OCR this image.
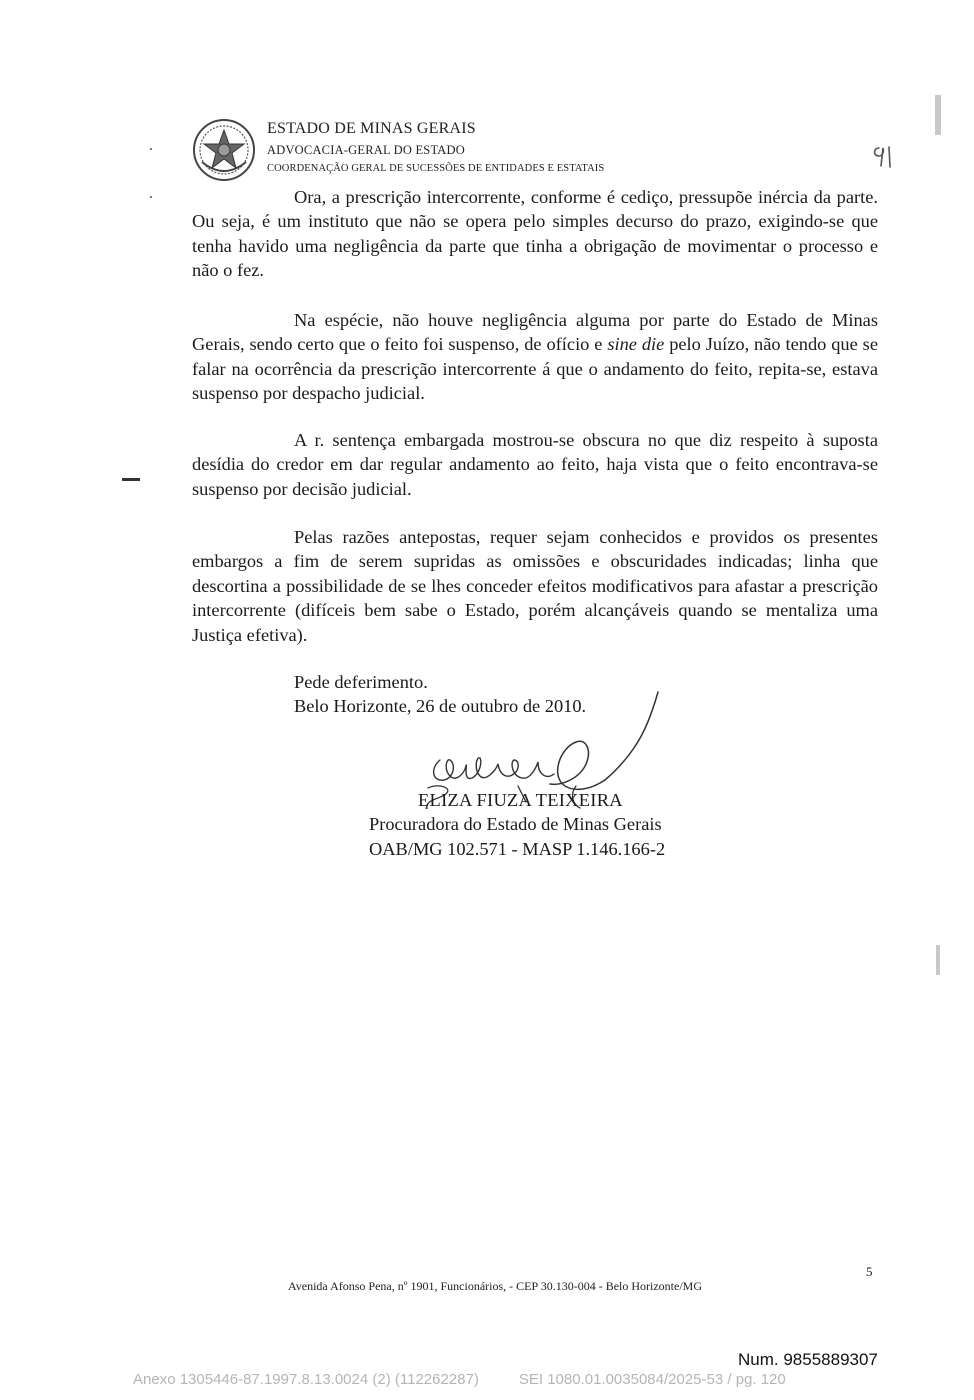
ESTADO DE MINAS GERAIS
ADVOCACIA-GERAL DO ESTADO
COORDENAÇÃO GERAL DE SUCESSÕES DE ENTIDADES E ESTATAIS

Ora, a prescrição intercorrente, conforme é cediço, pressupõe inércia da parte. Ou seja, é um instituto que não se opera pelo simples decurso do prazo, exigindo-se que tenha havido uma negligência da parte que tinha a obrigação de movimentar o processo e não o fez.

Na espécie, não houve negligência alguma por parte do Estado de Minas Gerais, sendo certo que o feito foi suspenso, de ofício e sine die pelo Juízo, não tendo que se falar na ocorrência da prescrição intercorrente á que o andamento do feito, repita-se, estava suspenso por despacho judicial.

A r. sentença embargada mostrou-se obscura no que diz respeito à suposta desídia do credor em dar regular andamento ao feito, haja vista que o feito encontrava-se suspenso por decisão judicial.

Pelas razões antepostas, requer sejam conhecidos e providos os presentes embargos a fim de serem supridas as omissões e obscuridades indicadas; linha que descortina a possibilidade de se lhes conceder efeitos modificativos para afastar a prescrição intercorrente (difíceis bem sabe o Estado, porém alcançáveis quando se mentaliza uma Justiça efetiva).

Pede deferimento.
Belo Horizonte, 26 de outubro de 2010.
ELIZA FIUZA TEIXEIRA
Procuradora do Estado de Minas Gerais
OAB/MG 102.571 - MASP 1.146.166-2
5
Avenida Afonso Pena, nº 1901, Funcionários, - CEP 30.130-004 - Belo Horizonte/MG
Num. 9855889307
Anexo 1305446-87.1997.8.13.0024 (2) (112262287)	SEI 1080.01.0035084/2025-53 / pg. 120
